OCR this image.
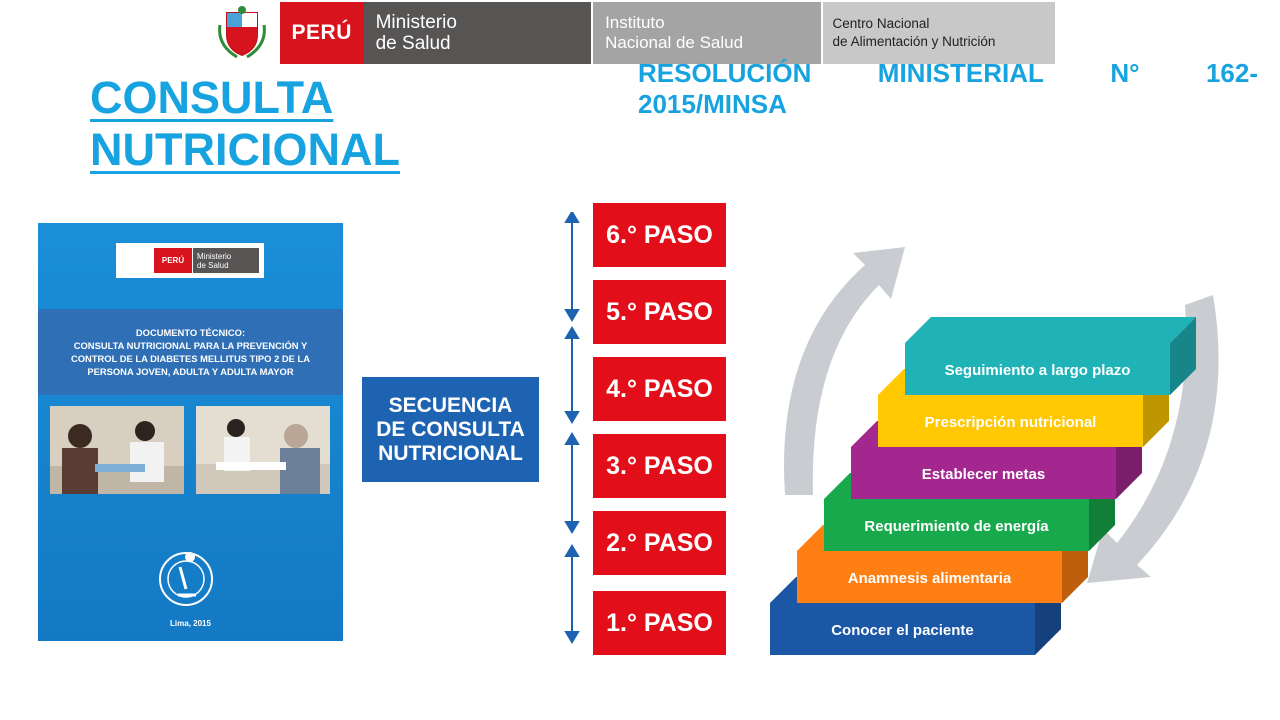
PERÚ	Ministerio
de Salud
Instituto
Nacional de Salud
Centro Nacional
de Alimentación y Nutrición
CONSULTA
NUTRICIONAL
RESOLUCIÓN	MINISTERIAL	N°	162-
2015/MINSA
PERÚ	Ministerio
de Salud
DOCUMENTO TÉCNICO:
CONSULTA NUTRICIONAL PARA LA PREVENCIÓN Y
CONTROL DE LA DIABETES MELLITUS TIPO 2 DE LA
PERSONA JOVEN, ADULTA Y ADULTA MAYOR
Lima, 2015
SECUENCIA
DE CONSULTA
NUTRICIONAL
6.° PASO
5.° PASO
4.° PASO
3.° PASO
2.° PASO
1.° PASO	Conocer el paciente
Anamnesis alimentaria
Requerimiento de energía
Establecer metas
Prescripción nutricional
Seguimiento a largo plazo
